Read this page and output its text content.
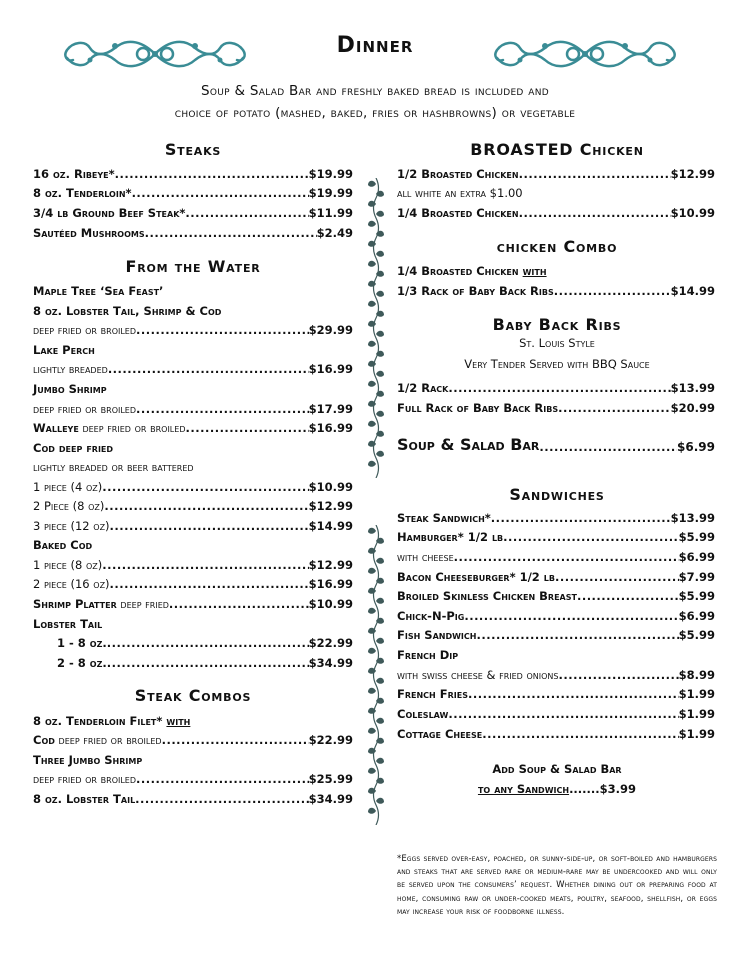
Dinner
Soup & Salad Bar and freshly baked bread is included and
choice of potato (mashed, baked, fries or hashbrowns) or vegetable
Steaks
16 oz. Ribeye* .....	$19.99
8 oz. Tenderloin* .....	$19.99
3/4 lb Ground Beef Steak* .....	$11.99
Sautéed Mushrooms .....	$2.49
From the Water
Maple Tree ‘Sea Feast’
8 oz. Lobster Tail, Shrimp & Cod
deep fried or broiled .....	$29.99
Lake Perch
lightly breaded .....	$16.99
Jumbo Shrimp
deep fried or broiled .....	$17.99
Walleye deep fried or broiled .....	$16.99
Cod deep fried
lightly breaded or beer battered
1 piece (4 oz) .....	$10.99
2 Piece (8 oz) .....	$12.99
3 piece (12 oz) .....	$14.99
Baked Cod
1 piece (8 oz) .....	$12.99
2 piece (16 oz) .....	$16.99
Shrimp Platter deep fried .....	$10.99
Lobster Tail
1 - 8 oz. .....	$22.99
2 - 8 oz. .....	$34.99
Steak Combos
8 oz. Tenderloin Filet*
with
Cod deep fried or broiled .....	$22.99
Three Jumbo Shrimp
deep fried or broiled .....	$25.99
8 oz. Lobster Tail .....	$34.99
BROASTED Chicken
1/2 Broasted Chicken .....	$12.99
all white an extra $1.00
1/4 Broasted Chicken .....	$10.99
chicken Combo
1/4 Broasted Chicken
with
1/3 Rack of Baby Back Ribs .....	$14.99
Baby Back Ribs
St. Louis Style
Very Tender Served with BBQ Sauce
1/2 Rack .....	$13.99
Full Rack of Baby Back Ribs .....	$20.99
Soup & Salad Bar .....	$6.99
Sandwiches
Steak Sandwich* .....	$13.99
Hamburger* 1/2 lb .....	$5.99
with cheese .....	$6.99
Bacon Cheeseburger* 1/2 lb .....	$7.99
Broiled Skinless Chicken Breast .....	$5.99
Chick-N-Pig .....	$6.99
Fish Sandwich .....	$5.99
French Dip
with swiss cheese & fried onions .....	$8.99
French Fries .....	$1.99
Coleslaw .....	$1.99
Cottage Cheese .....	$1.99
Add Soup & Salad Bar
to any Sandwich.......$3.99
*Eggs served over-easy, poached, or sunny-side-up, or soft-boiled and hamburgers and steaks that are served rare or medium-rare may be undercooked and will only be served upon the consumers’ request. Whether dining out or preparing food at home, consuming raw or under-cooked meats, poultry, seafood, shellfish, or eggs may increase your risk of foodborne illness.
